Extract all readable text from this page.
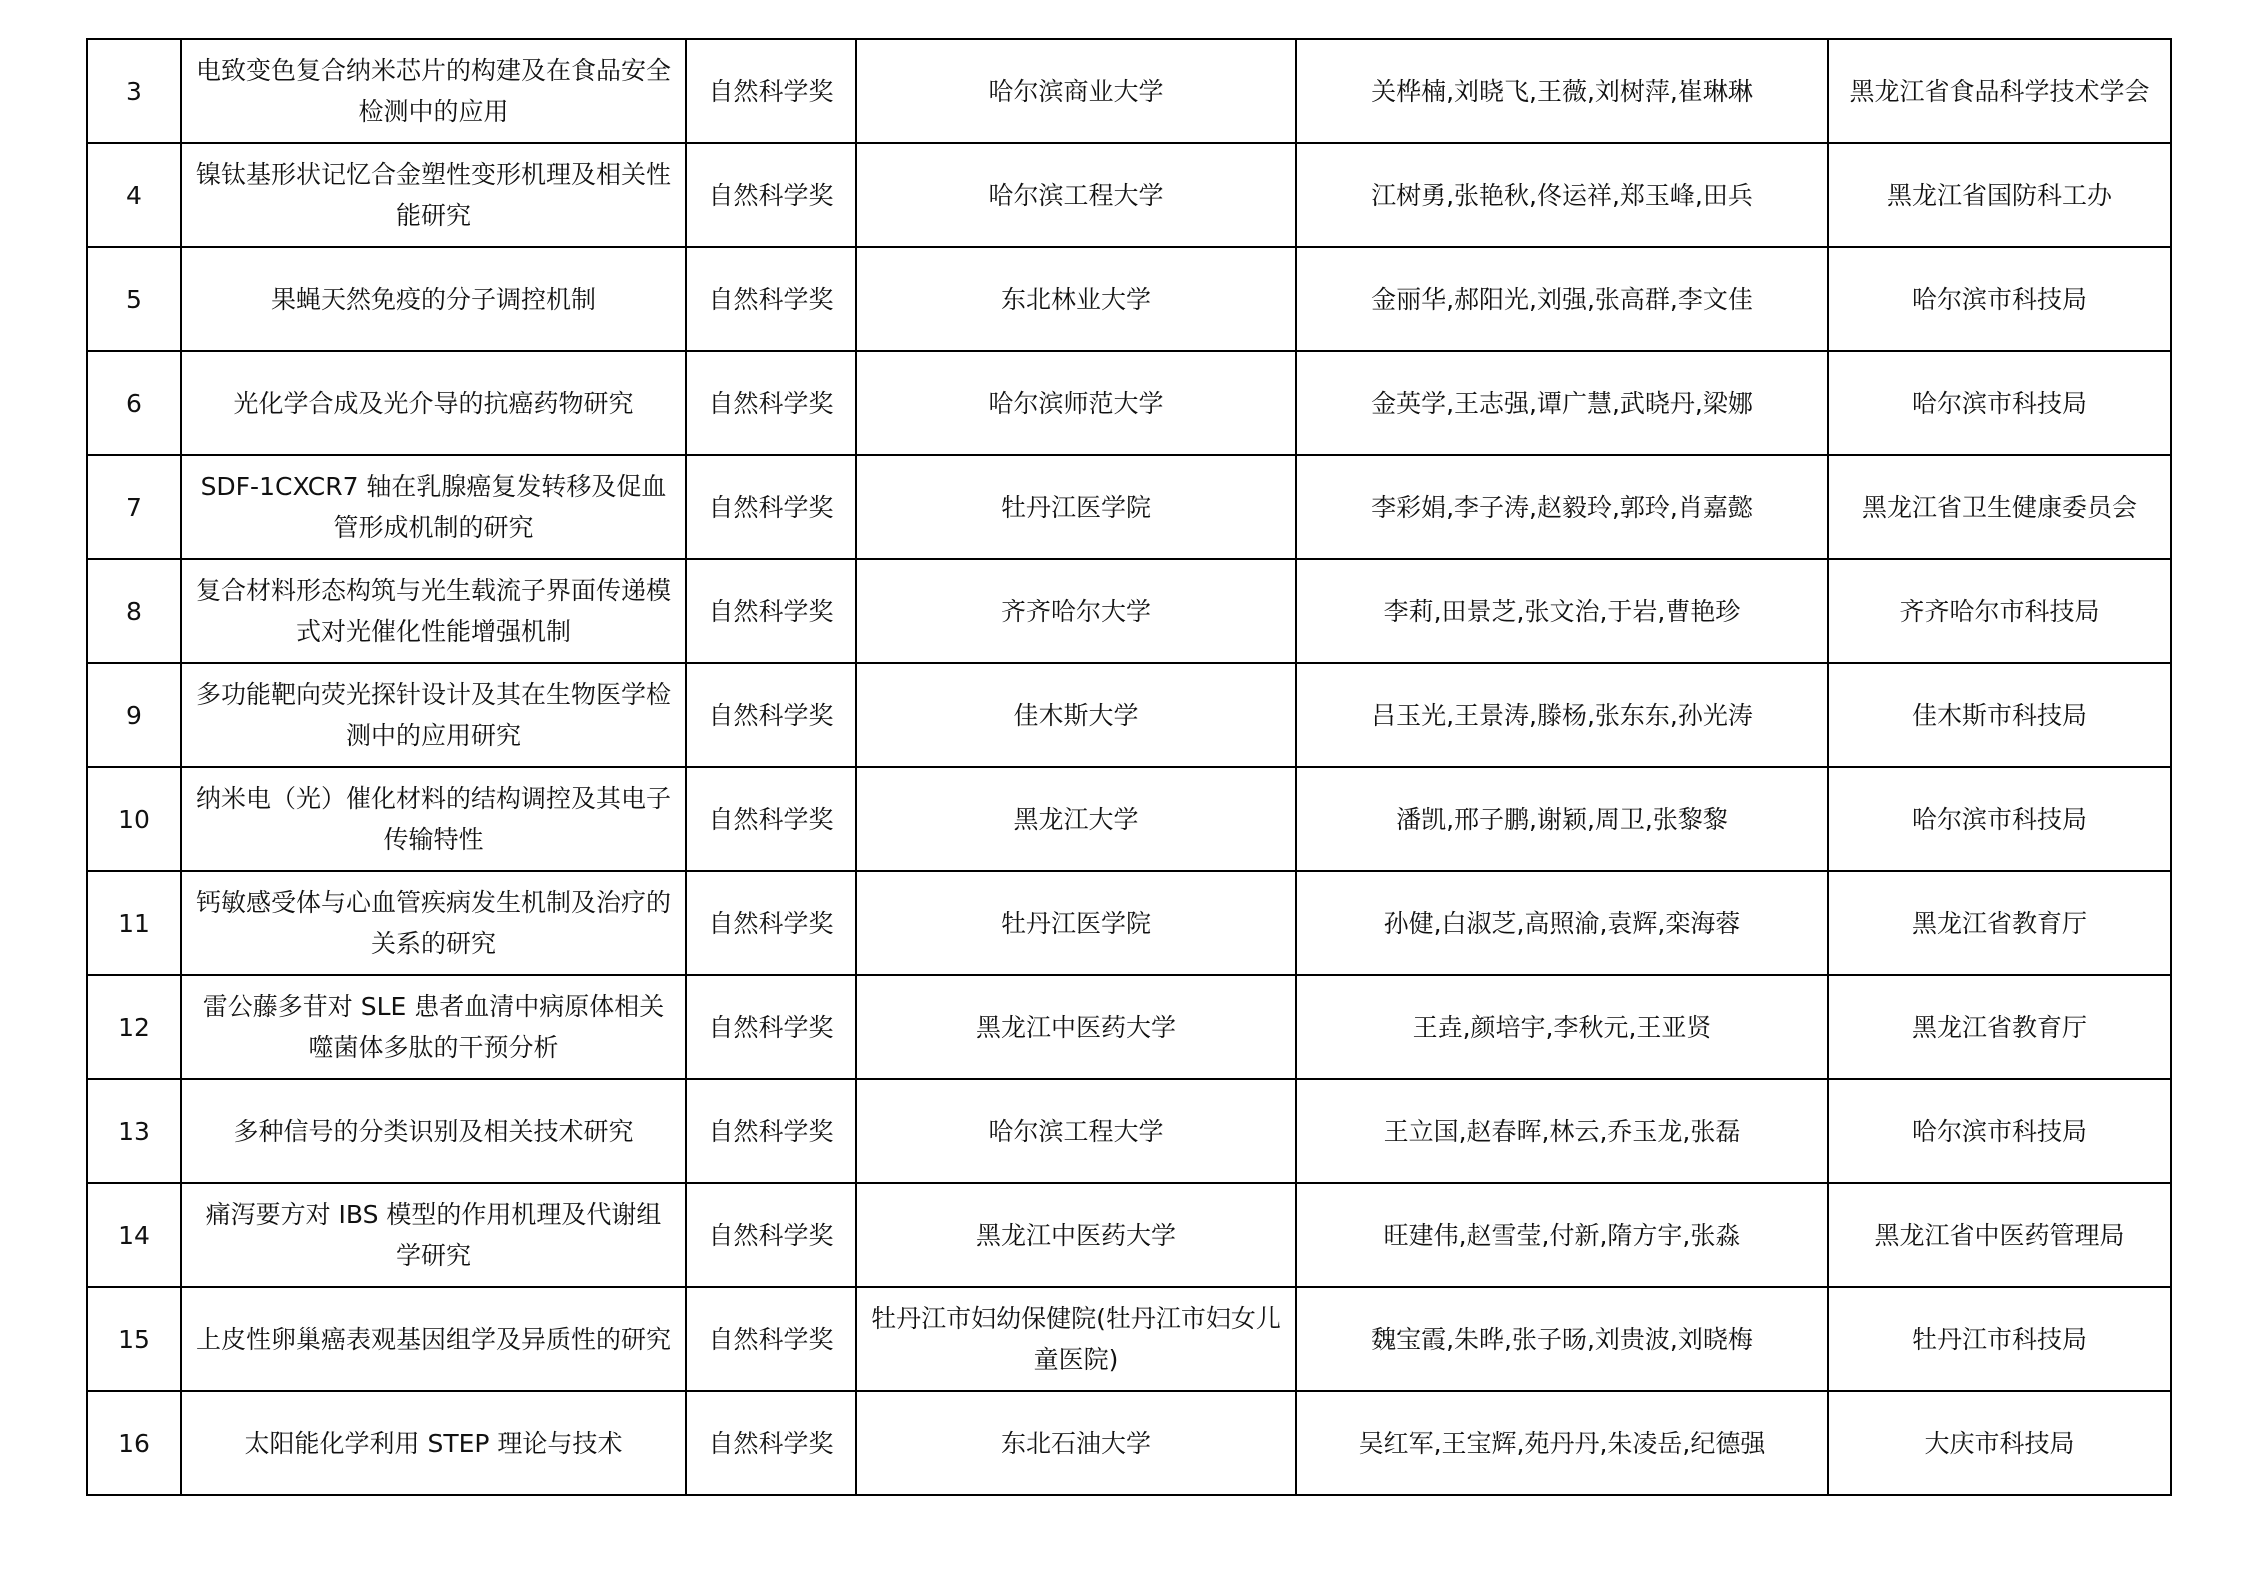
3	电致变色复合纳米芯片的构建及在食品安全检测中的应用	自然科学奖	哈尔滨商业大学	关桦楠,刘晓飞,王薇,刘树萍,崔琳琳	黑龙江省食品科学技术学会
4	镍钛基形状记忆合金塑性变形机理及相关性能研究	自然科学奖	哈尔滨工程大学	江树勇,张艳秋,佟运祥,郑玉峰,田兵	黑龙江省国防科工办
5	果蝇天然免疫的分子调控机制	自然科学奖	东北林业大学	金丽华,郝阳光,刘强,张高群,李文佳	哈尔滨市科技局
6	光化学合成及光介导的抗癌药物研究	自然科学奖	哈尔滨师范大学	金英学,王志强,谭广慧,武晓丹,梁娜	哈尔滨市科技局
7	SDF-1CXCR7 轴在乳腺癌复发转移及促血管形成机制的研究	自然科学奖	牡丹江医学院	李彩娟,李子涛,赵毅玲,郭玲,肖嘉懿	黑龙江省卫生健康委员会
8	复合材料形态构筑与光生载流子界面传递模式对光催化性能增强机制	自然科学奖	齐齐哈尔大学	李莉,田景芝,张文治,于岩,曹艳珍	齐齐哈尔市科技局
9	多功能靶向荧光探针设计及其在生物医学检测中的应用研究	自然科学奖	佳木斯大学	吕玉光,王景涛,滕杨,张东东,孙光涛	佳木斯市科技局
10	纳米电（光）催化材料的结构调控及其电子传输特性	自然科学奖	黑龙江大学	潘凯,邢子鹏,谢颖,周卫,张黎黎	哈尔滨市科技局
11	钙敏感受体与心血管疾病发生机制及治疗的关系的研究	自然科学奖	牡丹江医学院	孙健,白淑芝,高照渝,袁辉,栾海蓉	黑龙江省教育厅
12	雷公藤多苷对 SLE 患者血清中病原体相关噬菌体多肽的干预分析	自然科学奖	黑龙江中医药大学	王垚,颜培宇,李秋元,王亚贤	黑龙江省教育厅
13	多种信号的分类识别及相关技术研究	自然科学奖	哈尔滨工程大学	王立国,赵春晖,林云,乔玉龙,张磊	哈尔滨市科技局
14	痛泻要方对 IBS 模型的作用机理及代谢组学研究	自然科学奖	黑龙江中医药大学	旺建伟,赵雪莹,付新,隋方宇,张淼	黑龙江省中医药管理局
15	上皮性卵巢癌表观基因组学及异质性的研究	自然科学奖	牡丹江市妇幼保健院(牡丹江市妇女儿童医院)	魏宝霞,朱晔,张子旸,刘贵波,刘晓梅	牡丹江市科技局
16	太阳能化学利用 STEP 理论与技术	自然科学奖	东北石油大学	吴红军,王宝辉,苑丹丹,朱凌岳,纪德强	大庆市科技局
